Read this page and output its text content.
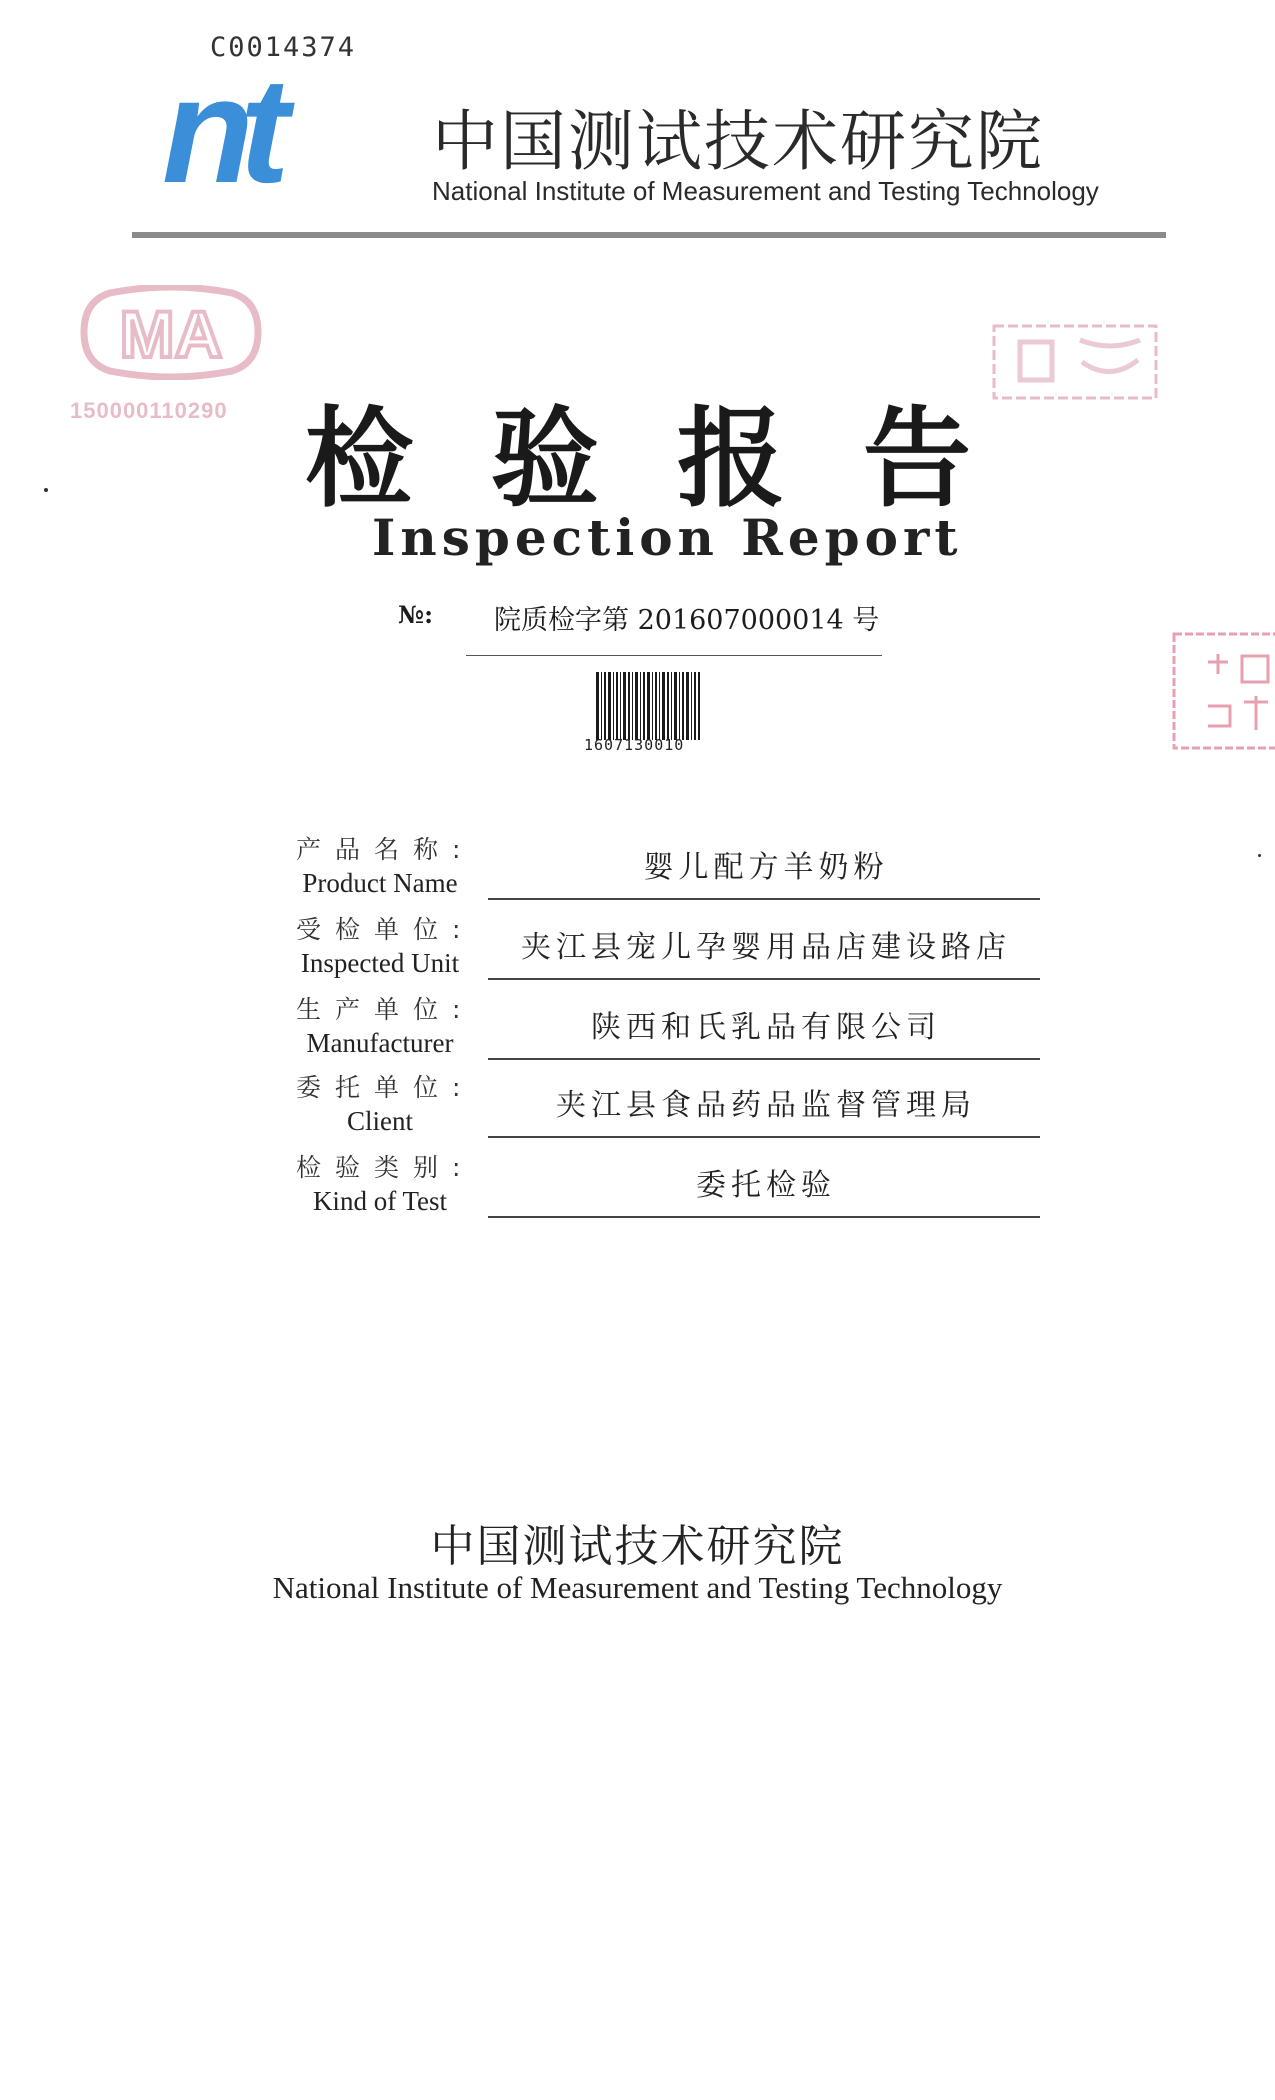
C0014374
nt	中国测试技术研究院
National Institute of Measurement and Testing Technology
MA
150000110290 检验报告
Inspection Report
№: 院质检字第 201607000014 号
1607130010
产品名称:
Product Name	婴儿配方羊奶粉
受检单位:
Inspected Unit	夹江县宠儿孕婴用品店建设路店
生产单位:
Manufacturer	陕西和氏乳品有限公司
委托单位:
Client	夹江县食品药品监督管理局
检验类别:
Kind of Test	委托检验
中国测试技术研究院
National Institute of Measurement and Testing Technology
